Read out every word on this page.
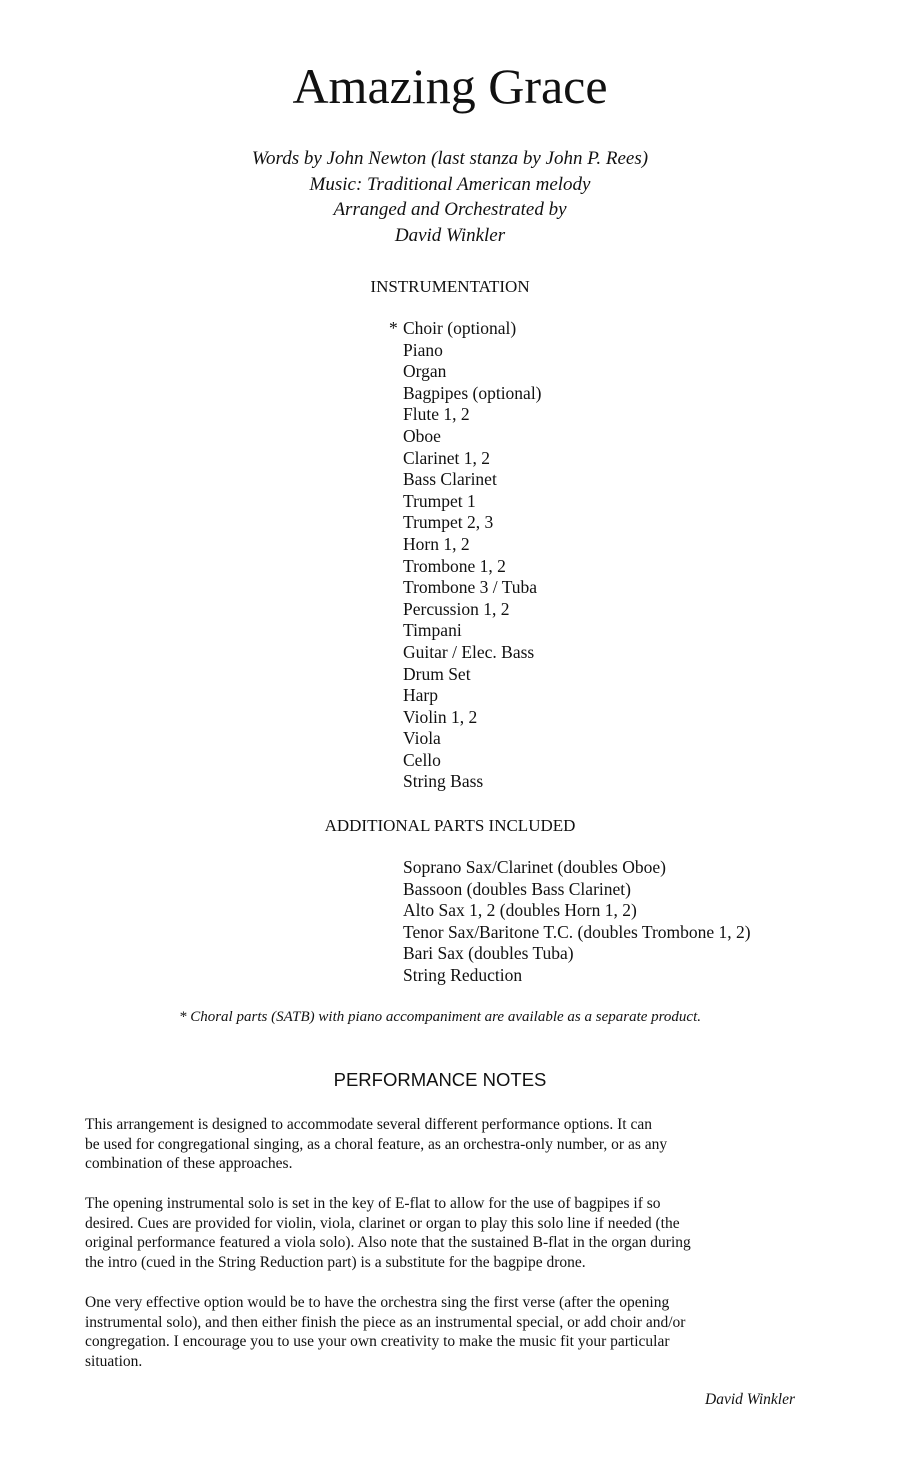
Amazing Grace
Words by John Newton (last stanza by John P. Rees)
Music: Traditional American melody
Arranged and Orchestrated by
David Winkler
INSTRUMENTATION
* Choir (optional)
Piano
Organ
Bagpipes (optional)
Flute 1, 2
Oboe
Clarinet 1, 2
Bass Clarinet
Trumpet 1
Trumpet 2, 3
Horn 1, 2
Trombone 1, 2
Trombone 3 / Tuba
Percussion 1, 2
Timpani
Guitar / Elec. Bass
Drum Set
Harp
Violin 1, 2
Viola
Cello
String Bass
ADDITIONAL PARTS INCLUDED
Soprano Sax/Clarinet (doubles Oboe)
Bassoon (doubles Bass Clarinet)
Alto Sax 1, 2 (doubles Horn 1, 2)
Tenor Sax/Baritone T.C. (doubles Trombone 1, 2)
Bari Sax (doubles Tuba)
String Reduction
* Choral parts (SATB) with piano accompaniment are available as a separate product.
PERFORMANCE NOTES
This arrangement is designed to accommodate several different performance options. It can
be used for congregational singing, as a choral feature, as an orchestra-only number, or as any
combination of these approaches.
The opening instrumental solo is set in the key of E-flat to allow for the use of bagpipes if so
desired. Cues are provided for violin, viola, clarinet or organ to play this solo line if needed (the
original performance featured a viola solo). Also note that the sustained B-flat in the organ during
the intro (cued in the String Reduction part) is a substitute for the bagpipe drone.
One very effective option would be to have the orchestra sing the first verse (after the opening
instrumental solo), and then either finish the piece as an instrumental special, or add choir and/or
congregation. I encourage you to use your own creativity to make the music fit your particular
situation.
David Winkler
